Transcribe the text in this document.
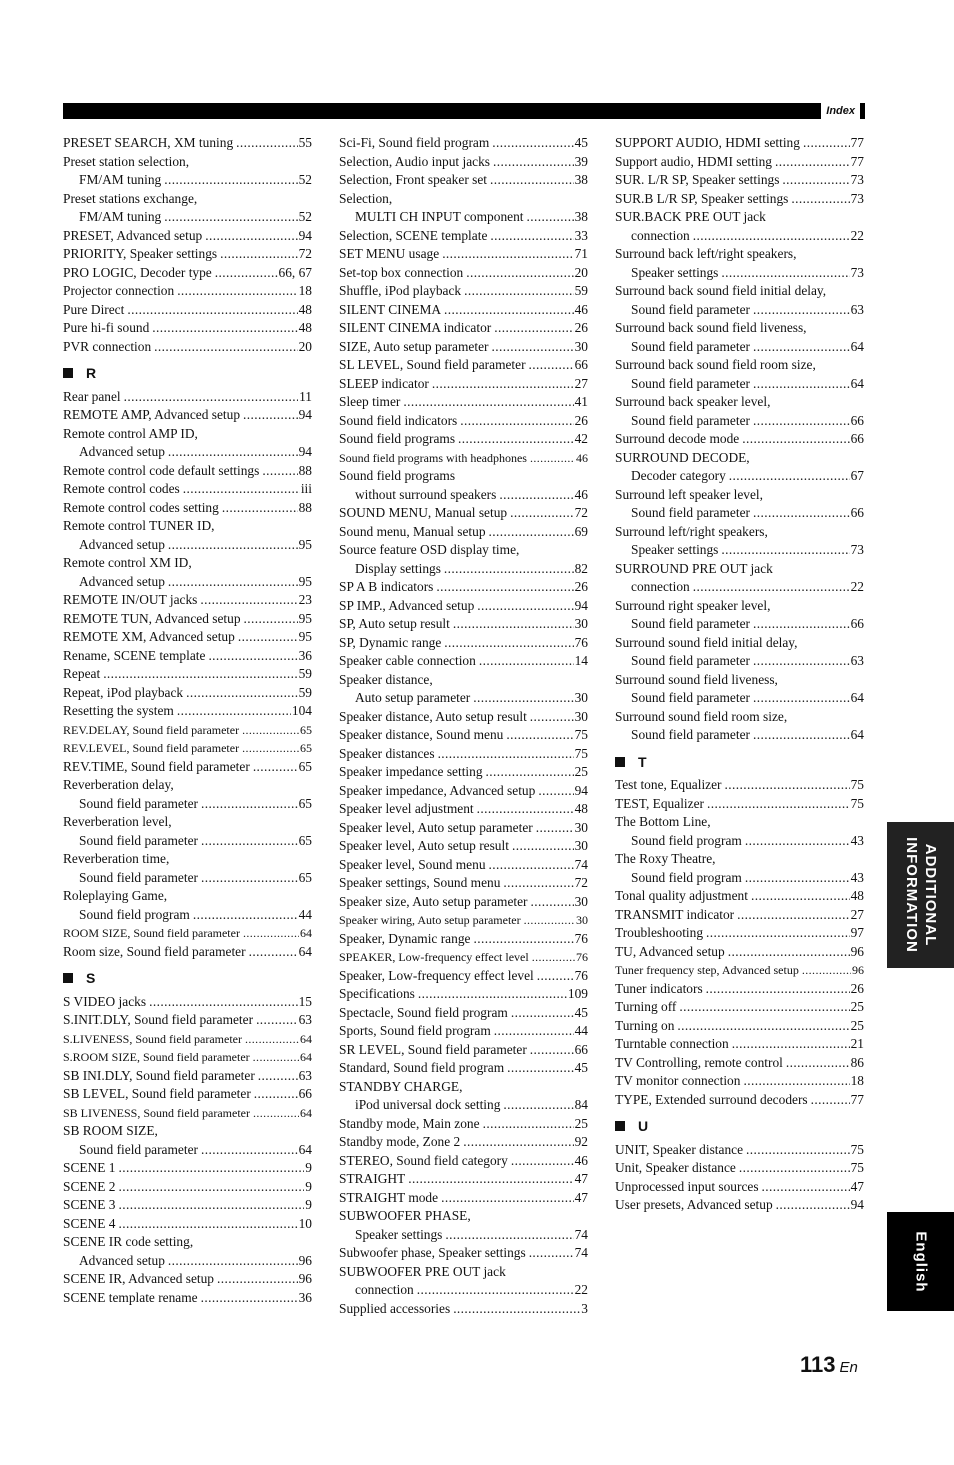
Index
PRESET SEARCH, XM tuning .....	55
Preset station selection,
FM/AM tuning .....	52
Preset stations exchange,
FM/AM tuning .....	52
PRESET, Advanced setup .....	94
PRIORITY, Speaker settings .....	72
PRO LOGIC, Decoder type .....	66, 67
Projector connection .....	18
Pure Direct .....	48
Pure hi-fi sound .....	48
PVR connection .....	20
R
Rear panel .....	11
REMOTE AMP, Advanced setup .....	94
Remote control AMP ID,
Advanced setup .....	94
Remote control code default settings .....	88
Remote control codes .....	iii
Remote control codes setting .....	88
Remote control TUNER ID,
Advanced setup .....	95
Remote control XM ID,
Advanced setup .....	95
REMOTE IN/OUT jacks .....	23
REMOTE TUN, Advanced setup .....	95
REMOTE XM, Advanced setup .....	95
Rename, SCENE template .....	36
Repeat .....	59
Repeat, iPod playback .....	59
Resetting the system .....	104
REV.DELAY, Sound field parameter .....	65
REV.LEVEL, Sound field parameter .....	65
REV.TIME, Sound field parameter .....	65
Reverberation delay,
Sound field parameter .....	65
Reverberation level,
Sound field parameter .....	65
Reverberation time,
Sound field parameter .....	65
Roleplaying Game,
Sound field program .....	44
ROOM SIZE, Sound field parameter .....	64
Room size, Sound field parameter .....	64
S
S VIDEO jacks .....	15
S.INIT.DLY, Sound field parameter .....	63
S.LIVENESS, Sound field parameter .....	64
S.ROOM SIZE, Sound field parameter .....	64
SB INI.DLY, Sound field parameter .....	63
SB LEVEL, Sound field parameter .....	66
SB LIVENESS, Sound field parameter .....	64
SB ROOM SIZE,
Sound field parameter .....	64
SCENE 1 .....	9
SCENE 2 .....	9
SCENE 3 .....	9
SCENE 4 .....	10
SCENE IR code setting,
Advanced setup .....	96
SCENE IR, Advanced setup .....	96
SCENE template rename .....	36
Sci-Fi, Sound field program .....	45
Selection, Audio input jacks .....	39
Selection, Front speaker set .....	38
Selection,
MULTI CH INPUT component .....	38
Selection, SCENE template .....	33
SET MENU usage .....	71
Set-top box connection .....	20
Shuffle, iPod playback .....	59
SILENT CINEMA .....	46
SILENT CINEMA indicator .....	26
SIZE, Auto setup parameter .....	30
SL LEVEL, Sound field parameter .....	66
SLEEP indicator .....	27
Sleep timer .....	41
Sound field indicators .....	26
Sound field programs .....	42
Sound field programs with headphones .....	46
Sound field programs
without surround speakers .....	46
SOUND MENU, Manual setup .....	72
Sound menu, Manual setup .....	69
Source feature OSD display time,
Display settings .....	82
SP A B indicators .....	26
SP IMP., Advanced setup .....	94
SP, Auto setup result .....	30
SP, Dynamic range .....	76
Speaker cable connection .....	14
Speaker distance,
Auto setup parameter .....	30
Speaker distance, Auto setup result .....	30
Speaker distance, Sound menu .....	75
Speaker distances .....	75
Speaker impedance setting .....	25
Speaker impedance, Advanced setup .....	94
Speaker level adjustment .....	48
Speaker level, Auto setup parameter .....	30
Speaker level, Auto setup result .....	30
Speaker level, Sound menu .....	74
Speaker settings, Sound menu .....	72
Speaker size, Auto setup parameter .....	30
Speaker wiring, Auto setup parameter .....	30
Speaker, Dynamic range .....	76
SPEAKER, Low-frequency effect level .....	76
Speaker, Low-frequency effect level .....	76
Specifications .....	109
Spectacle, Sound field program .....	45
Sports, Sound field program .....	44
SR LEVEL, Sound field parameter .....	66
Standard, Sound field program .....	45
STANDBY CHARGE,
iPod universal dock setting .....	84
Standby mode, Main zone .....	25
Standby mode, Zone 2 .....	92
STEREO, Sound field category .....	46
STRAIGHT .....	47
STRAIGHT mode .....	47
SUBWOOFER PHASE,
Speaker settings .....	74
Subwoofer phase, Speaker settings .....	74
SUBWOOFER PRE OUT jack
connection .....	22
Supplied accessories .....	3
SUPPORT AUDIO, HDMI setting .....	77
Support audio, HDMI setting .....	77
SUR. L/R SP, Speaker settings .....	73
SUR.B L/R SP, Speaker settings .....	73
SUR.BACK PRE OUT jack
connection .....	22
Surround back left/right speakers,
Speaker settings .....	73
Surround back sound field initial delay,
Sound field parameter .....	63
Surround back sound field liveness,
Sound field parameter .....	64
Surround back sound field room size,
Sound field parameter .....	64
Surround back speaker level,
Sound field parameter .....	66
Surround decode mode .....	66
SURROUND DECODE,
Decoder category .....	67
Surround left speaker level,
Sound field parameter .....	66
Surround left/right speakers,
Speaker settings .....	73
SURROUND PRE OUT jack
connection .....	22
Surround right speaker level,
Sound field parameter .....	66
Surround sound field initial delay,
Sound field parameter .....	63
Surround sound field liveness,
Sound field parameter .....	64
Surround sound field room size,
Sound field parameter .....	64
T
Test tone, Equalizer .....	75
TEST, Equalizer .....	75
The Bottom Line,
Sound field program .....	43
The Roxy Theatre,
Sound field program .....	43
Tonal quality adjustment .....	48
TRANSMIT indicator .....	27
Troubleshooting .....	97
TU, Advanced setup .....	96
Tuner frequency step, Advanced setup .....	96
Tuner indicators .....	26
Turning off .....	25
Turning on .....	25
Turntable connection .....	21
TV Controlling, remote control .....	86
TV monitor connection .....	18
TYPE, Extended surround decoders .....	77
U
UNIT, Speaker distance .....	75
Unit, Speaker distance .....	75
Unprocessed input sources .....	47
User presets, Advanced setup .....	94
ADDITIONAL
INFORMATION
English
113 En
